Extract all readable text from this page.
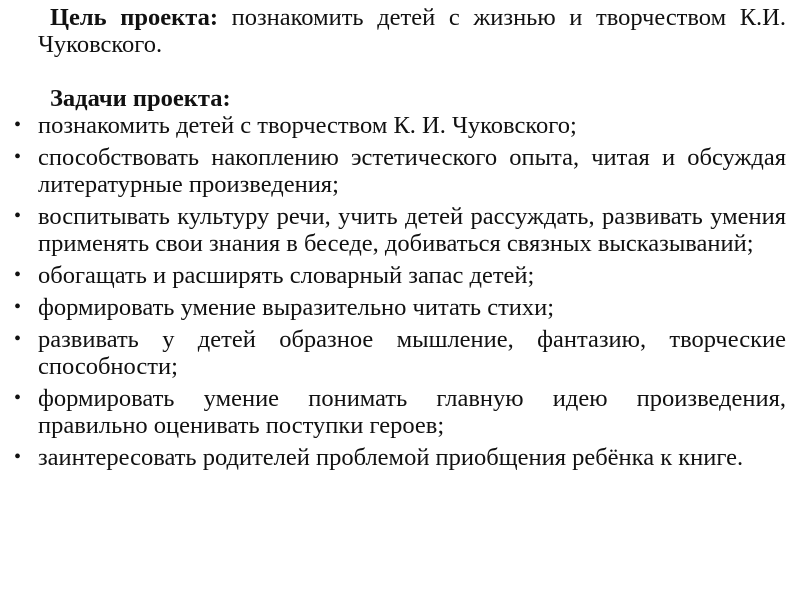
Цель проекта: познакомить детей с жизнью и творчеством К.И. Чуковского.

Задачи проекта:
• познакомить детей с творчеством К. И. Чуковского;
• способствовать накоплению эстетического опыта, читая и обсуждая литературные произведения;
• воспитывать культуру речи, учить детей рассуждать, развивать умения применять свои знания в беседе, добиваться связных высказываний;
• обогащать и расширять словарный запас детей;
• формировать умение выразительно читать стихи;
• развивать у детей образное мышление, фантазию, творческие способности;
• формировать умение понимать главную идею произведения, правильно оценивать поступки героев;
• заинтересовать родителей проблемой приобщения ребёнка к книге.
